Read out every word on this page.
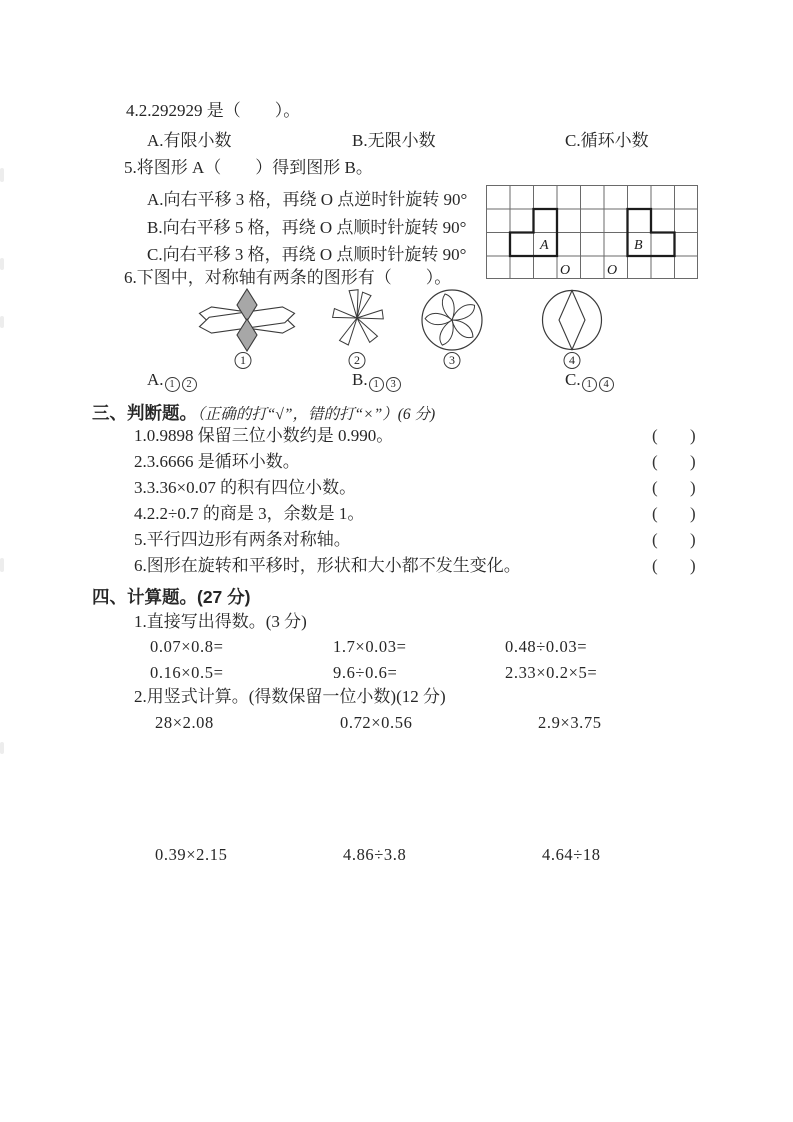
4.2.292929 是（　　）。
A.有限小数	B.无限小数	C.循环小数
5.将图形 A（　　）得到图形 B。
A.向右平移 3 格，再绕 O 点逆时针旋转 90°
B.向右平移 5 格，再绕 O 点顺时针旋转 90°
C.向右平移 3 格，再绕 O 点顺时针旋转 90°	A	B
O	O
6.下图中，对称轴有两条的图形有（　　）。
1	2	3	4
A. 1 2	B. 1 3	C. 1 4
三、判断题。（正确的打“√”，错的打“×”）(6 分)
1.0.9898 保留三位小数约是 0.990。	( )
2.3.6666 是循环小数。	( )
3.3.36×0.07 的积有四位小数。	( )
4.2.2÷0.7 的商是 3，余数是 1。	( )
5.平行四边形有两条对称轴。	( )
6.图形在旋转和平移时，形状和大小都不发生变化。	( )
四、计算题。(27 分)
1.直接写出得数。(3 分)
0.07×0.8=	1.7×0.03=	0.48÷0.03=
0.16×0.5=	9.6÷0.6=	2.33×0.2×5=
2.用竖式计算。(得数保留一位小数)(12 分)
28×2.08	0.72×0.56	2.9×3.75
0.39×2.15	4.86÷3.8	4.64÷18
